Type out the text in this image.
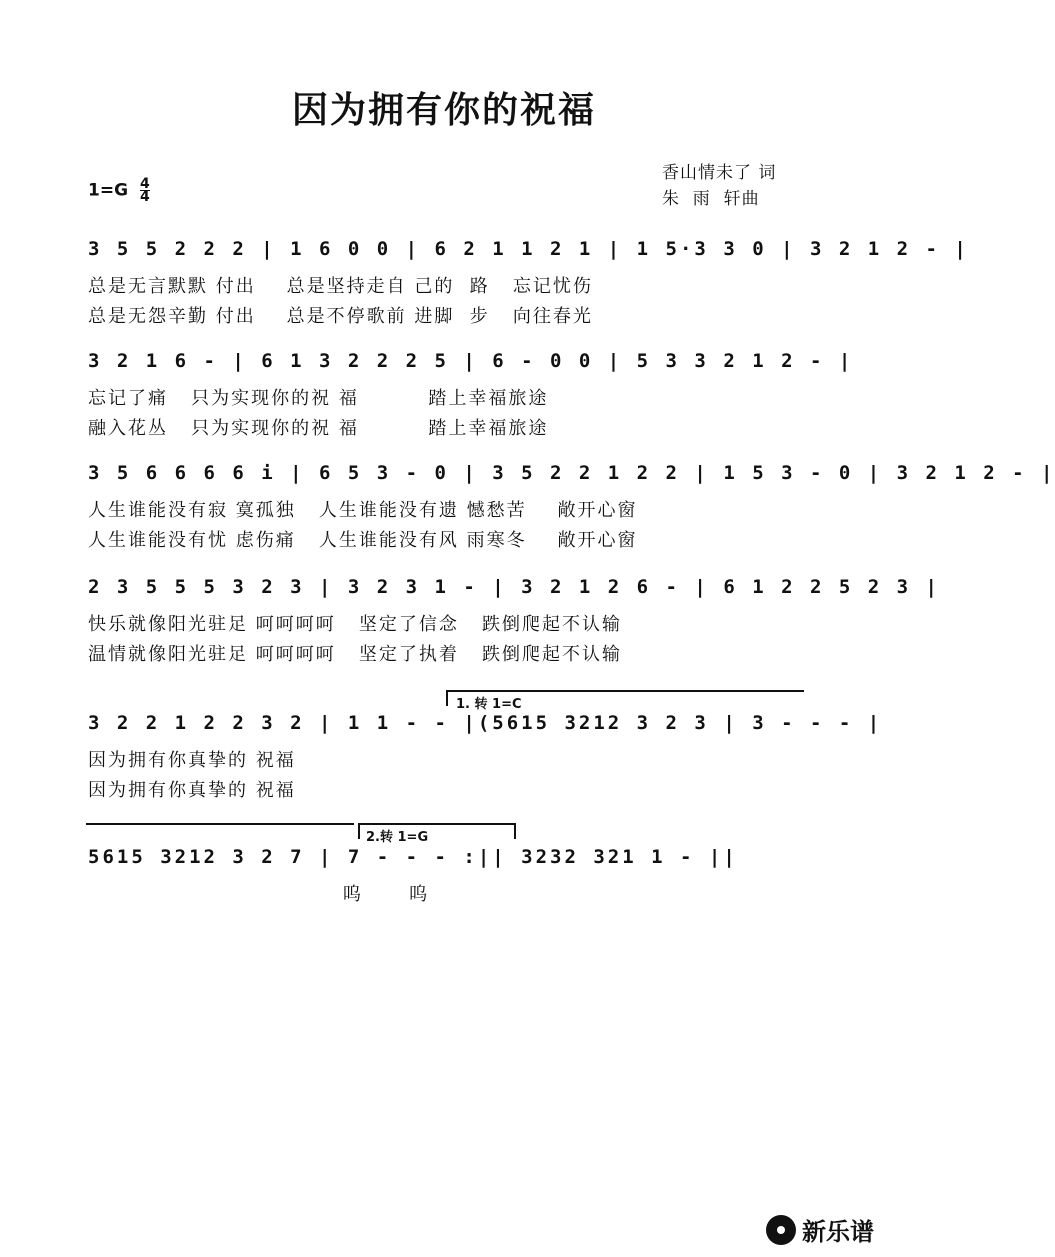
因为拥有你的祝福
香山情未了 词
朱  雨  轩曲
$1=G \frac{4}{4}$
3 5 5 2 2 2 | 1 6 0 0 | 6 2 1 1 2 1 | 1 5·3 3 0 | 3 2 1 2 - |
总是无言默默 付出    总是坚持走自 己的  路   忘记忧伤
总是无怨辛勤 付出    总是不停歌前 进脚  步   向往春光
3 2 1 6 - | 6 1 3 2 2 2 5 | 6 - 0 0 | 5 3 3 2 1 2 - |
忘记了痛   只为实现你的祝 福         踏上幸福旅途
融入花丛   只为实现你的祝 福         踏上幸福旅途
3 5 6 6 6 6 i | 6 5 3 - 0 | 3 5 2 2 1 2 2 | 1 5 3 - 0 | 3 2 1 2 - |
人生谁能没有寂 寞孤独   人生谁能没有遗 憾愁苦    敞开心窗
人生谁能没有忧 虑伤痛   人生谁能没有风 雨寒冬    敞开心窗
2 3 5 5 5 3 2 3 | 3 2 3 1 - | 3 2 1 2 6 - | 6 1 2 2 5 2 3 |
快乐就像阳光驻足 呵呵呵呵   坚定了信念   跌倒爬起不认输
温情就像阳光驻足 呵呵呵呵   坚定了执着   跌倒爬起不认输
1. 转 1=C
3 2 2 1 2 2 3 2 | 1 1 - - |(5615 3212 3 2 3 | 3 - - - |
因为拥有你真挚的 祝福
因为拥有你真挚的 祝福
2.转 1=G
5615 3212 3 2 7 | 7 - - - :|| 3232 321 1 - ||
呜      呜
新乐谱
